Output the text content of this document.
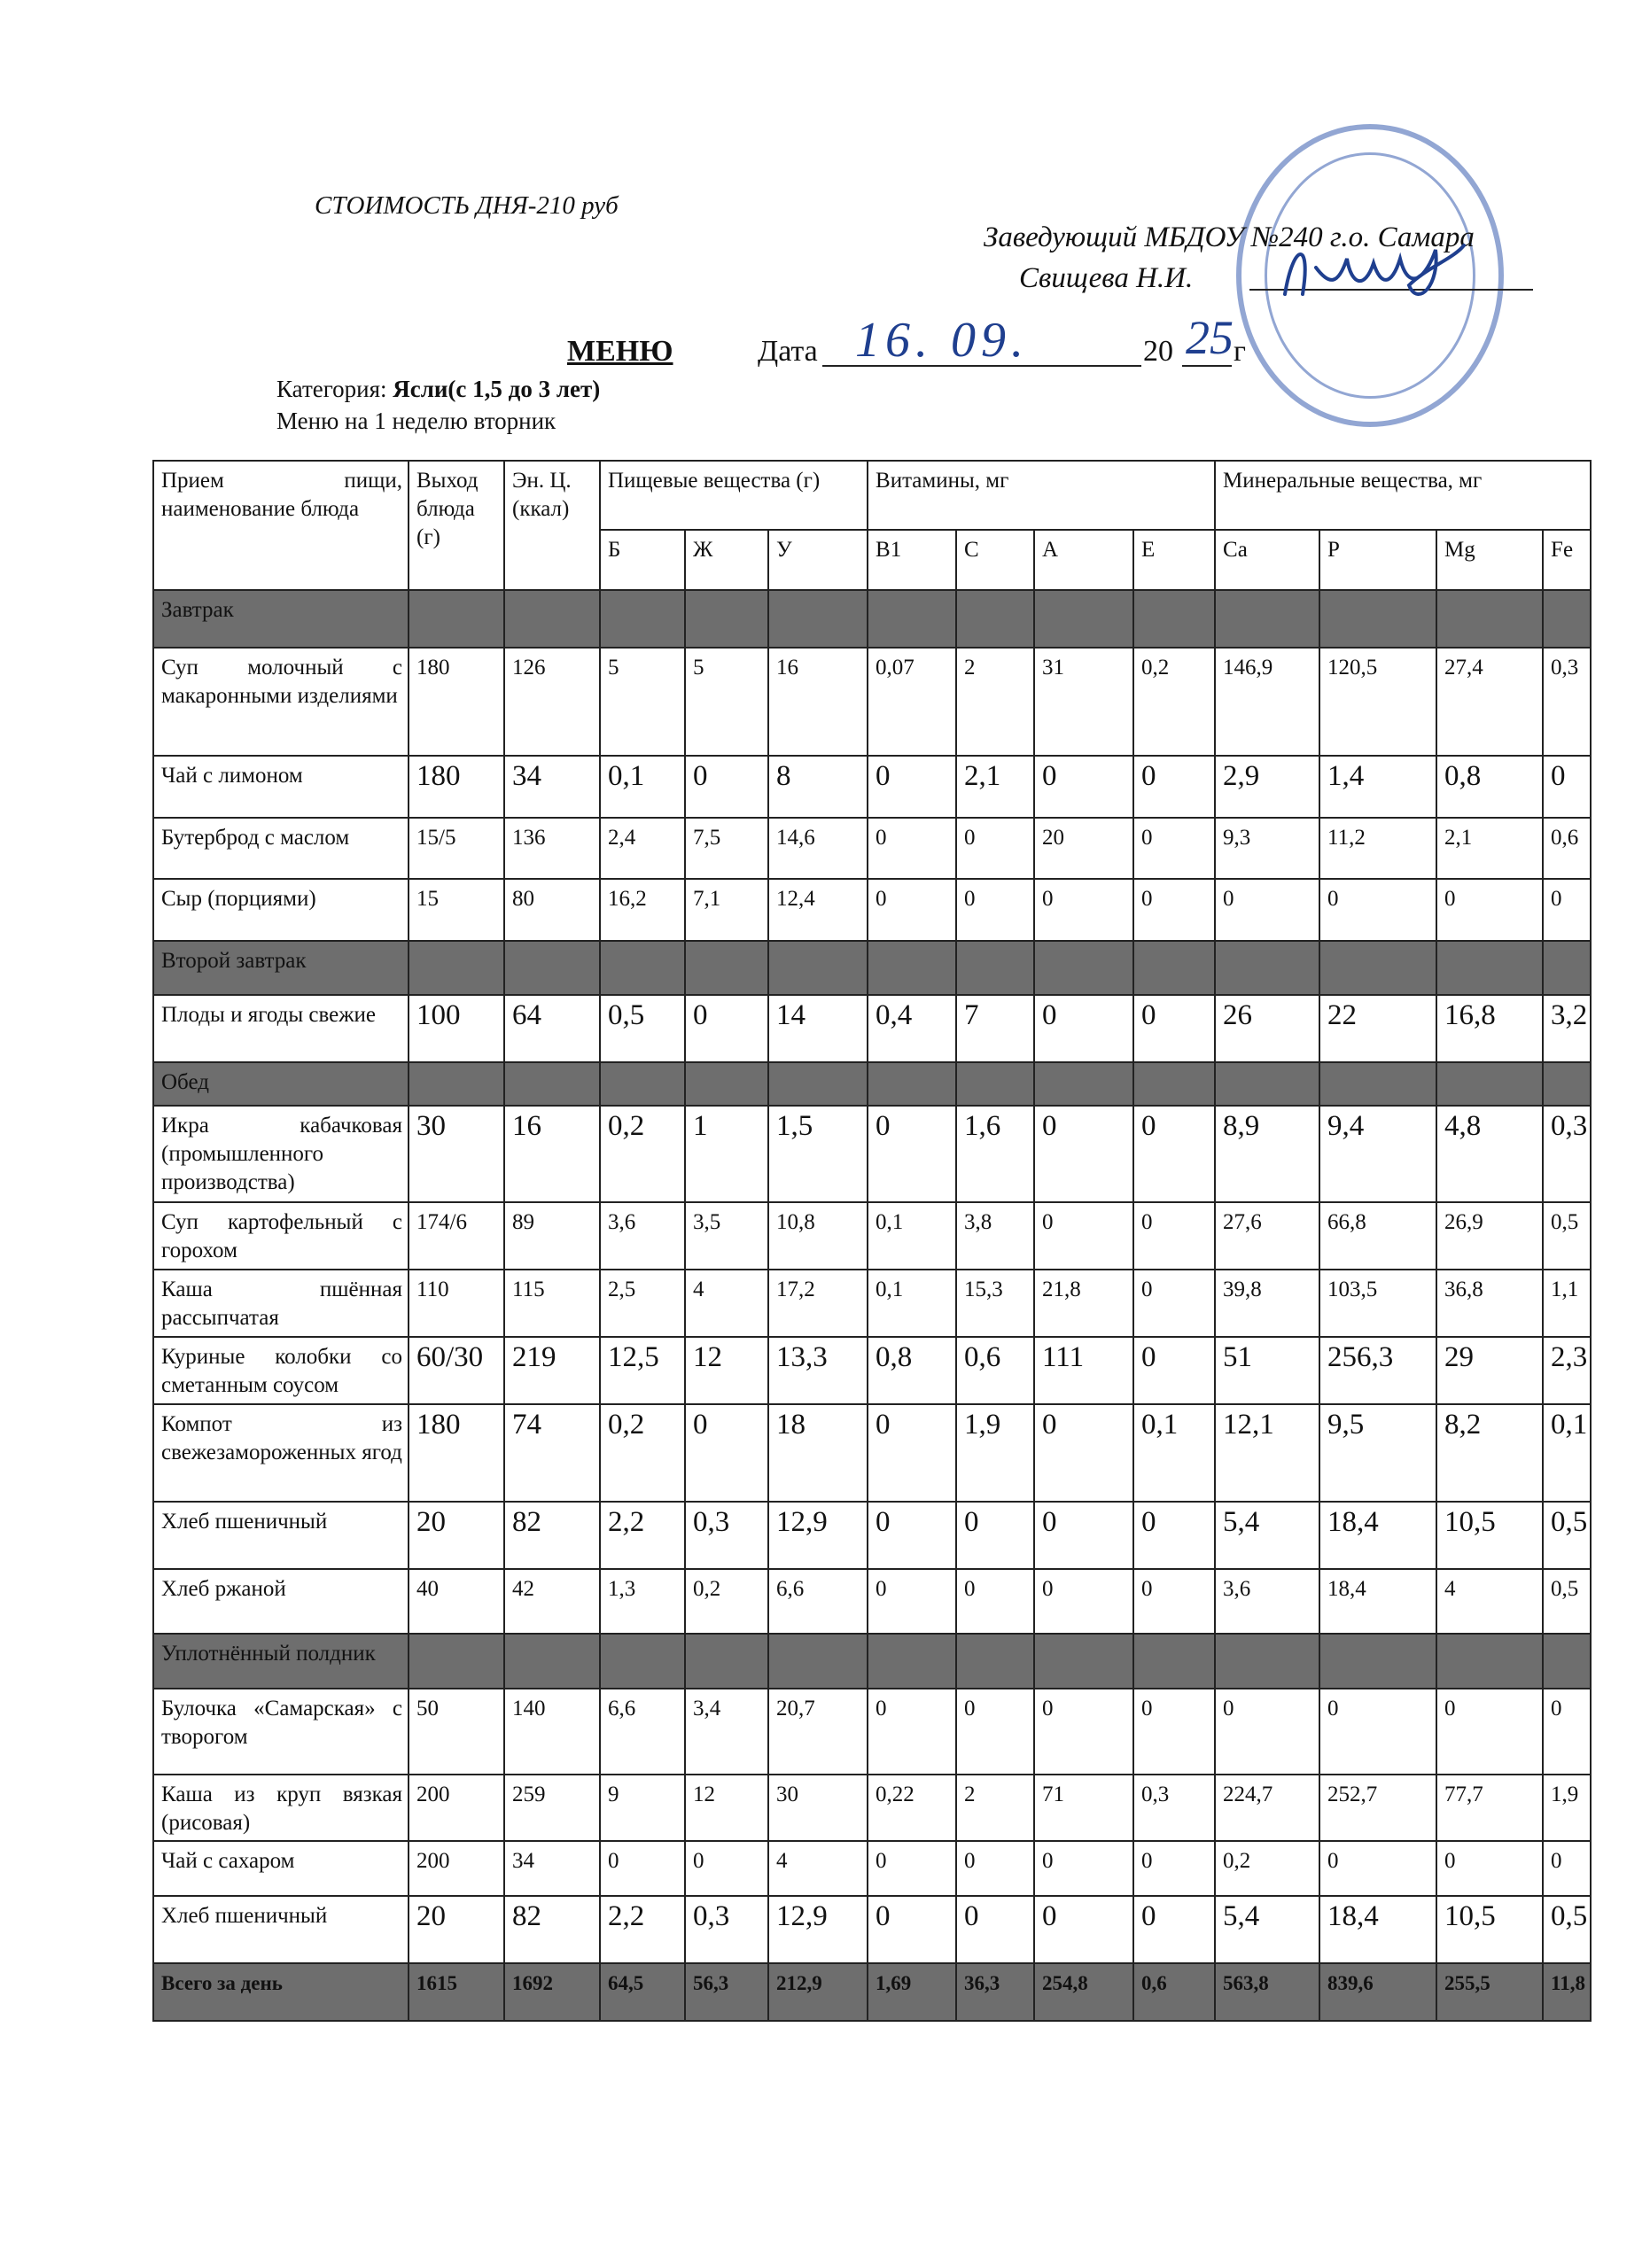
СТОИМОСТЬ ДНЯ-210 руб
Заведующий МБДОУ №240 г.о. Самара
Свищева Н.И.
МЕНЮ	Дата 16. 09.	20 25 г
Категория: Ясли(с 1,5 до 3 лет)
Меню на 1 неделю вторник
Прием пищи, наименование блюда	Выход блюда (г)	Эн. Ц. (ккал)	Пищевые вещества (г)			Витамины, мг				Минеральные вещества, мг			
			Б	Ж	У	В1	С	А	Е	Са	Р	Mg	Fe
Завтрак													
Суп молочный с макаронными изделиями	180	126	5	5	16	0,07	2	31	0,2	146,9	120,5	27,4	0,3
Чай с лимоном	180	34	0,1	0	8	0	2,1	0	0	2,9	1,4	0,8	0
Бутерброд с маслом	15/5	136	2,4	7,5	14,6	0	0	20	0	9,3	11,2	2,1	0,6
Сыр (порциями)	15	80	16,2	7,1	12,4	0	0	0	0	0	0	0	0
Второй завтрак													
Плоды и ягоды свежие	100	64	0,5	0	14	0,4	7	0	0	26	22	16,8	3,2
Обед													
Икра кабачковая (промышленного производства)	30	16	0,2	1	1,5	0	1,6	0	0	8,9	9,4	4,8	0,3
Суп картофельный с горохом	174/6	89	3,6	3,5	10,8	0,1	3,8	0	0	27,6	66,8	26,9	0,5
Каша пшённая рассыпчатая	110	115	2,5	4	17,2	0,1	15,3	21,8	0	39,8	103,5	36,8	1,1
Куриные колобки со сметанным соусом	60/30	219	12,5	12	13,3	0,8	0,6	111	0	51	256,3	29	2,3
Компот из свежезамороженных ягод	180	74	0,2	0	18	0	1,9	0	0,1	12,1	9,5	8,2	0,1
Хлеб пшеничный	20	82	2,2	0,3	12,9	0	0	0	0	5,4	18,4	10,5	0,5
Хлеб ржаной	40	42	1,3	0,2	6,6	0	0	0	0	3,6	18,4	4	0,5
Уплотнённый полдник													
Булочка «Самарская» с творогом	50	140	6,6	3,4	20,7	0	0	0	0	0	0	0	0
Каша из круп вязкая (рисовая)	200	259	9	12	30	0,22	2	71	0,3	224,7	252,7	77,7	1,9
Чай с сахаром	200	34	0	0	4	0	0	0	0	0,2	0	0	0
Хлеб пшеничный	20	82	2,2	0,3	12,9	0	0	0	0	5,4	18,4	10,5	0,5
Всего за день	1615	1692	64,5	56,3	212,9	1,69	36,3	254,8	0,6	563,8	839,6	255,5	11,8
